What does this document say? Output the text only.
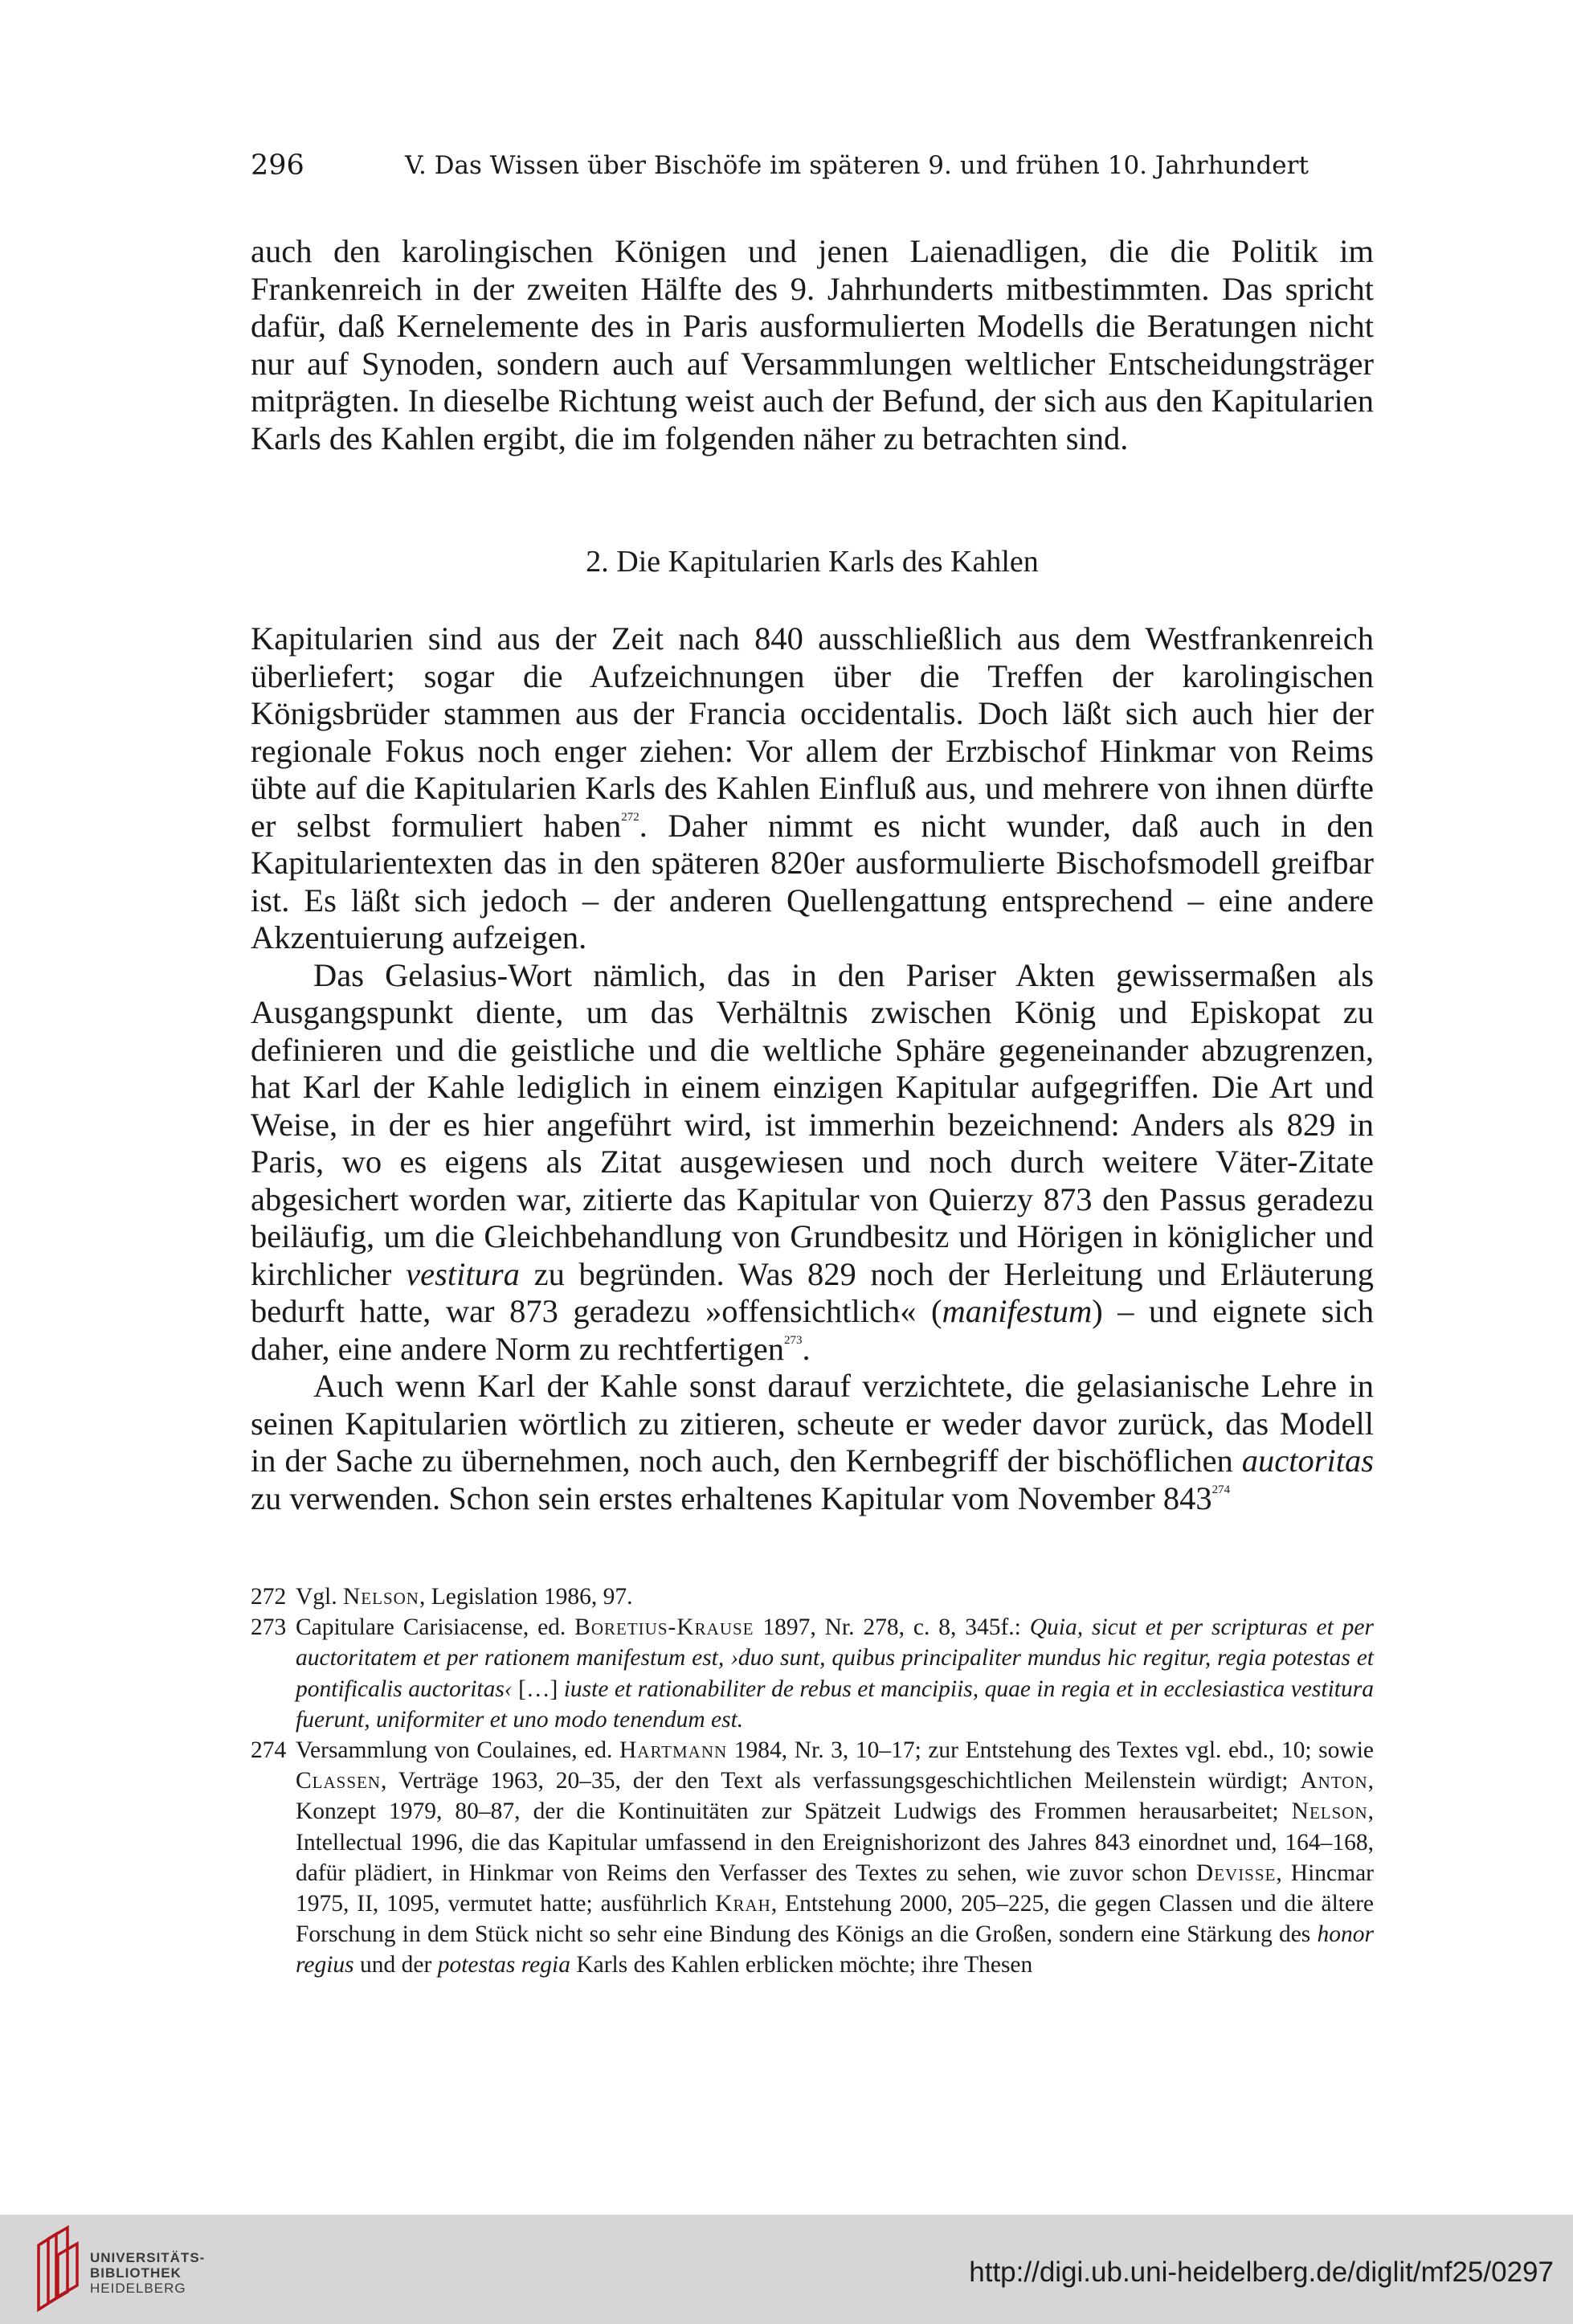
296	V. Das Wissen über Bischöfe im späteren 9. und frühen 10. Jahrhundert

auch den karolingischen Königen und jenen Laienadligen, die die Politik im Frankenreich in der zweiten Hälfte des 9. Jahrhunderts mitbestimmten. Das spricht dafür, daß Kernelemente des in Paris ausformulierten Modells die Beratungen nicht nur auf Synoden, sondern auch auf Versammlungen weltlicher Entscheidungsträger mitprägten. In dieselbe Richtung weist auch der Befund, der sich aus den Kapitularien Karls des Kahlen ergibt, die im folgenden näher zu betrachten sind.

2. Die Kapitularien Karls des Kahlen

Kapitularien sind aus der Zeit nach 840 ausschließlich aus dem Westfrankenreich überliefert; sogar die Aufzeichnungen über die Treffen der karolingischen Königsbrüder stammen aus der Francia occidentalis. Doch läßt sich auch hier der regionale Fokus noch enger ziehen: Vor allem der Erzbischof Hinkmar von Reims übte auf die Kapitularien Karls des Kahlen Einfluß aus, und mehrere von ihnen dürfte er selbst formuliert haben$^{272}$. Daher nimmt es nicht wunder, daß auch in den Kapitularientexten das in den späteren 820er ausformulierte Bischofsmodell greifbar ist. Es läßt sich jedoch – der anderen Quellengattung entsprechend – eine andere Akzentuierung aufzeigen.

Das Gelasius-Wort nämlich, das in den Pariser Akten gewissermaßen als Ausgangspunkt diente, um das Verhältnis zwischen König und Episkopat zu definieren und die geistliche und die weltliche Sphäre gegeneinander abzugrenzen, hat Karl der Kahle lediglich in einem einzigen Kapitular aufgegriffen. Die Art und Weise, in der es hier angeführt wird, ist immerhin bezeichnend: Anders als 829 in Paris, wo es eigens als Zitat ausgewiesen und noch durch weitere Väter-Zitate abgesichert worden war, zitierte das Kapitular von Quierzy 873 den Passus geradezu beiläufig, um die Gleichbehandlung von Grundbesitz und Hörigen in königlicher und kirchlicher vestitura zu begründen. Was 829 noch der Herleitung und Erläuterung bedurft hatte, war 873 geradezu »offensichtlich« (manifestum) – und eignete sich daher, eine andere Norm zu rechtfertigen$^{273}$.

Auch wenn Karl der Kahle sonst darauf verzichtete, die gelasianische Lehre in seinen Kapitularien wörtlich zu zitieren, scheute er weder davor zurück, das Modell in der Sache zu übernehmen, noch auch, den Kernbegriff der bischöflichen auctoritas zu verwenden. Schon sein erstes erhaltenes Kapitular vom November 843$^{274}$

272 Vgl. Nelson, Legislation 1986, 97.

273 Capitulare Carisiacense, ed. Boretius-Krause 1897, Nr. 278, c. 8, 345f.: Quia, sicut et per scripturas et per auctoritatem et per rationem manifestum est, ›duo sunt, quibus principaliter mundus hic regitur, regia potestas et pontificalis auctoritas‹ […] iuste et rationabiliter de rebus et mancipiis, quae in regia et in ecclesiastica vestitura fuerunt, uniformiter et uno modo tenendum est.

274 Versammlung von Coulaines, ed. Hartmann 1984, Nr. 3, 10–17; zur Entstehung des Textes vgl. ebd., 10; sowie Classen, Verträge 1963, 20–35, der den Text als verfassungsgeschichtlichen Meilenstein würdigt; Anton, Konzept 1979, 80–87, der die Kontinuitäten zur Spätzeit Ludwigs des Frommen herausarbeitet; Nelson, Intellectual 1996, die das Kapitular umfassend in den Ereignishorizont des Jahres 843 einordnet und, 164–168, dafür plädiert, in Hinkmar von Reims den Verfasser des Textes zu sehen, wie zuvor schon Devisse, Hincmar 1975, II, 1095, vermutet hatte; ausführlich Krah, Entstehung 2000, 205–225, die gegen Classen und die ältere Forschung in dem Stück nicht so sehr eine Bindung des Königs an die Großen, sondern eine Stärkung des honor regius und der potestas regia Karls des Kahlen erblicken möchte; ihre Thesen

UNIVERSITÄTS-
BIBLIOTHEK
HEIDELBERG
http://digi.ub.uni-heidelberg.de/diglit/mf25/0297
